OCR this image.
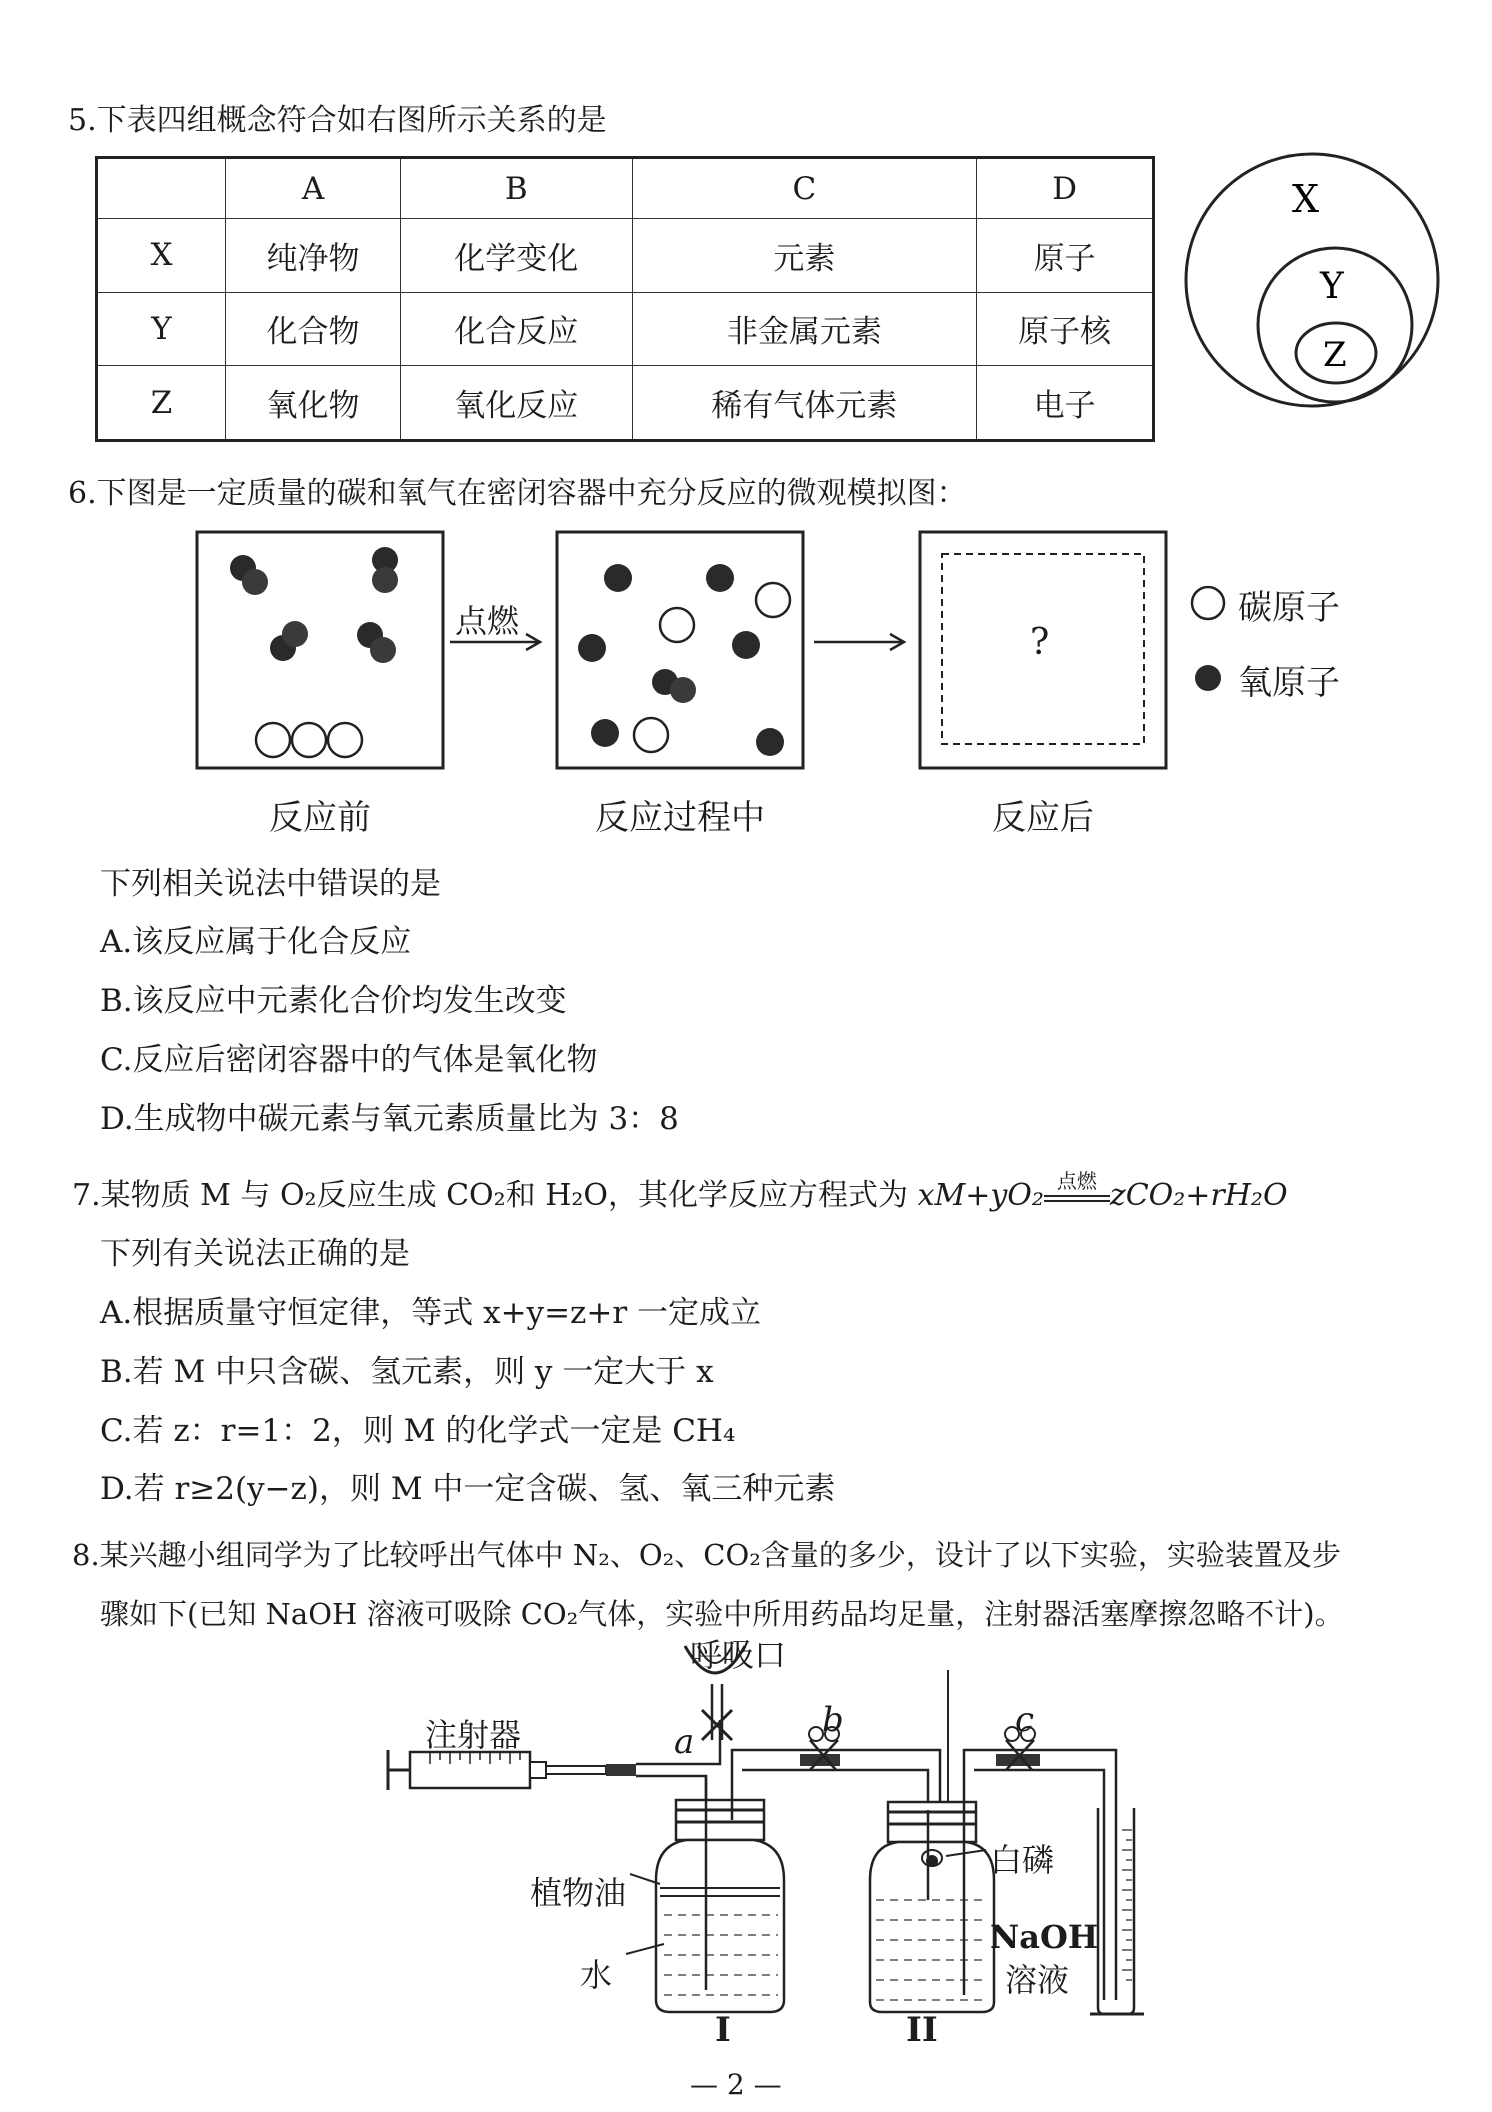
5.下表四组概念符合如右图所示关系的是
	A	B	C	D
X	纯净物	化学变化	元素	原子
Y	化合物	化合反应	非金属元素	原子核
Z	氧化物	氧化反应	稀有气体元素	电子
X
Y
Z
6.下图是一定质量的碳和氧气在密闭容器中充分反应的微观模拟图：
点燃
?
碳原子
氧原子
反应前	反应过程中	反应后
下列相关说法中错误的是
A.该反应属于化合反应
B.该反应中元素化合价均发生改变
C.反应后密闭容器中的气体是氧化物
D.生成物中碳元素与氧元素质量比为 3：8
7.某物质 M 与 O₂反应生成 CO₂和 H₂O，其化学反应方程式为 xM+yO₂ 点燃 zCO₂+rH₂O
下列有关说法正确的是
A.根据质量守恒定律，等式 x+y=z+r 一定成立
B.若 M 中只含碳、氢元素，则 y 一定大于 x
C.若 z：r=1：2，则 M 的化学式一定是 CH₄
D.若 r≥2(y−z)，则 M 中一定含碳、氢、氧三种元素
8.某兴趣小组同学为了比较呼出气体中 N₂、O₂、CO₂含量的多少，设计了以下实验，实验装置及步
骤如下(已知 NaOH 溶液可吸除 CO₂气体，实验中所用药品均足量，注射器活塞摩擦忽略不计)。
呼吸口
注射器	a
b	c
植物油
水
白磷
NaOH
溶液
I	II
— 2 —
